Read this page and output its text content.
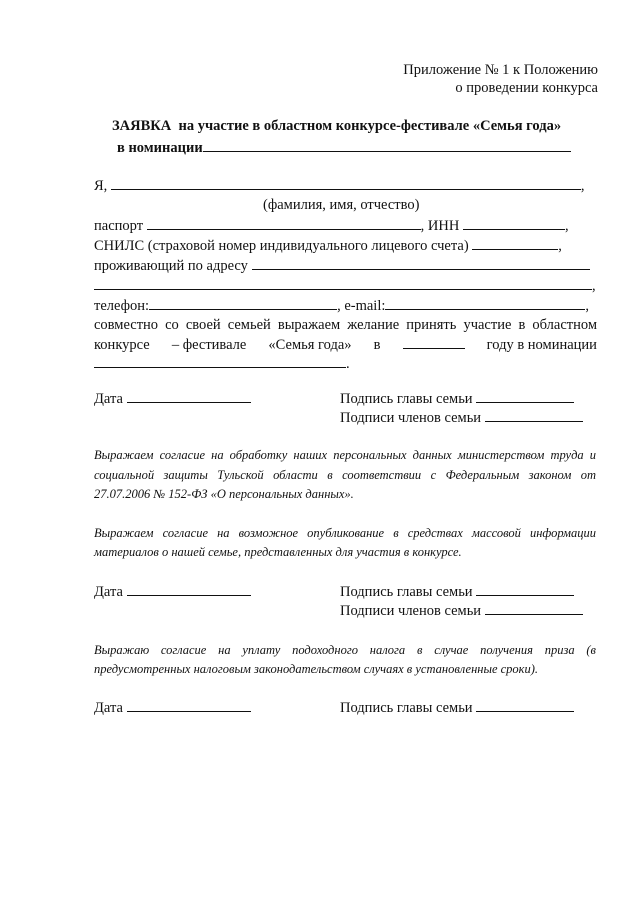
Приложение № 1 к Положению
о проведении конкурса
ЗАЯВКА на участие в областном конкурсе-фестивале «Семья года»
в номинации
Я,	,
(фамилия, имя, отчество)
паспорт	, ИНН	,
СНИЛС (страховой номер индивидуального лицевого счета)	,
проживающий по адресу
,
телефон:	, e-mail:	,
совместно со своей семьей выражаем желание принять участие в областном
конкурсе – фестивале «Семья года» в	году в номинации
.
Дата	Подпись главы семьи
Подписи членов семьи
Выражаем согласие на обработку наших персональных данных министерством труда и
социальной защиты Тульской области в соответствии с Федеральным законом от
27.07.2006 № 152-ФЗ «О персональных данных».
Выражаем согласие на возможное опубликование в средствах массовой информации
материалов о нашей семье, представленных для участия в конкурсе.
Дата	Подпись главы семьи
Подписи членов семьи
Выражаю согласие на уплату подоходного налога в случае получения приза (в
предусмотренных налоговым законодательством случаях в установленные сроки).
Дата	Подпись главы семьи
